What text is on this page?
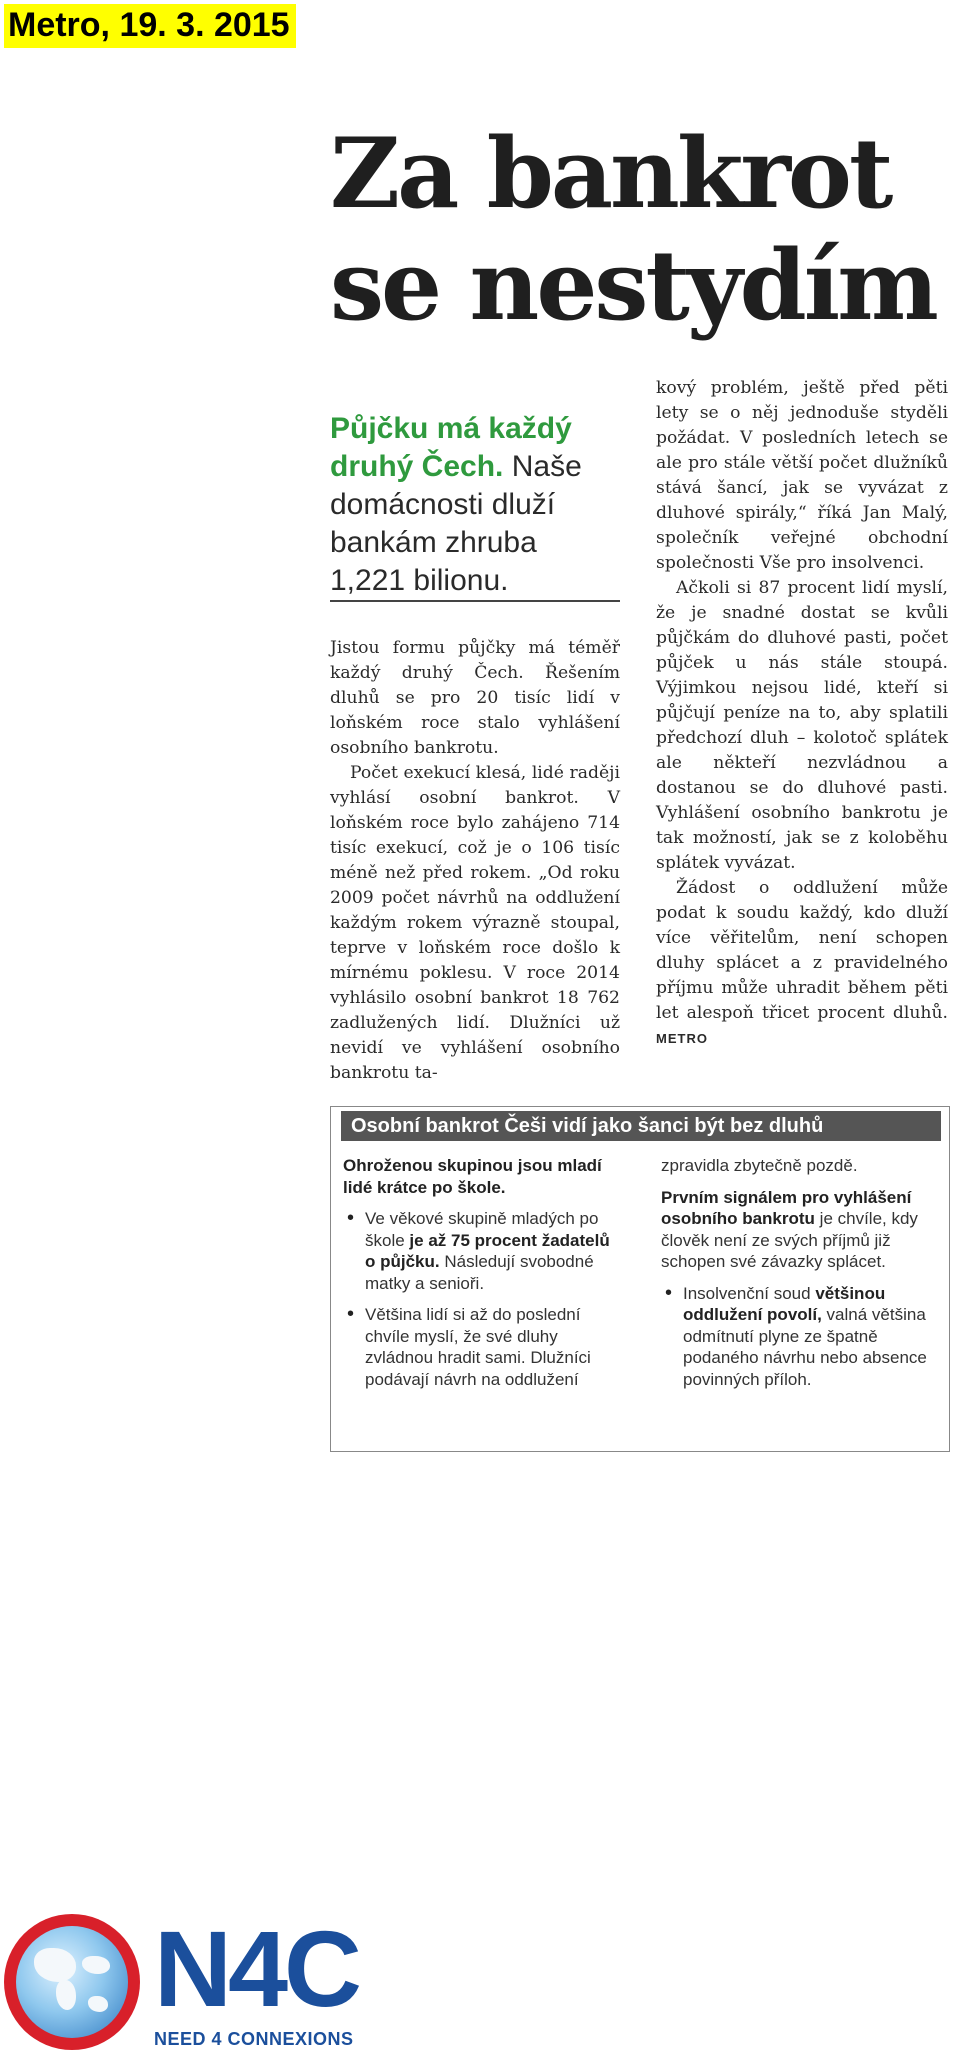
Metro, 19. 3. 2015
Za bankrot
se nestydím

Půjčku má každý druhý Čech. Naše domácnosti dluží bankám zhruba 1,221 bilionu.

Jistou formu půjčky má téměř každý druhý Čech. Řešením dluhů se pro 20 tisíc lidí v loňském roce stalo vyhlášení osobního bankrotu.

Počet exekucí klesá, lidé raději vyhlásí osobní bankrot. V loňském roce bylo zahájeno 714 tisíc exekucí, což je o 106 tisíc méně než před rokem. „Od roku 2009 počet návrhů na oddlužení každým rokem výrazně stoupal, teprve v loňském roce došlo k mírnému poklesu. V roce 2014 vyhlásilo osobní bankrot 18 762 zadlužených lidí. Dlužníci už nevidí ve vyhlášení osobního bankrotu ta-

kový problém, ještě před pěti lety se o něj jednoduše styděli požádat. V posledních letech se ale pro stále větší počet dlužníků stává šancí, jak se vyvázat z dluhové spirály,“ říká Jan Malý, společník veřejné obchodní společnosti Vše pro insolvenci.

Ačkoli si 87 procent lidí myslí, že je snadné dostat se kvůli půjčkám do dluhové pasti, počet půjček u nás stále stoupá. Výjimkou nejsou lidé, kteří si půjčují peníze na to, aby splatili předchozí dluh – kolotoč splátek ale někteří nezvládnou a dostanou se do dluhové pasti. Vyhlášení osobního bankrotu je tak možností, jak se z koloběhu splátek vyvázat.

Žádost o oddlužení může podat k soudu každý, kdo dluží více věřitelům, není schopen dluhy splácet a z pravidelného příjmu může uhradit během pěti let alespoň třicet procent dluhů. METRO

Osobní bankrot Češi vidí jako šanci být bez dluhů

Ohroženou skupinou jsou mladí lidé krátce po škole.

• Ve věkové skupině mladých po škole je až 75 procent žadatelů o půjčku. Následují svobodné matky a senioři.

• Většina lidí si až do poslední chvíle myslí, že své dluhy zvládnou hradit sami. Dlužníci podávají návrh na oddlužení

zpravidla zbytečně pozdě.

Prvním signálem pro vyhlášení osobního bankrotu je chvíle, kdy člověk není ze svých příjmů již schopen své závazky splácet.

• Insolvenční soud většinou oddlužení povolí, valná většina odmítnutí plyne ze špatně podaného návrhu nebo absence povinných příloh.

N4C
NEED 4 CONNEXIONS
